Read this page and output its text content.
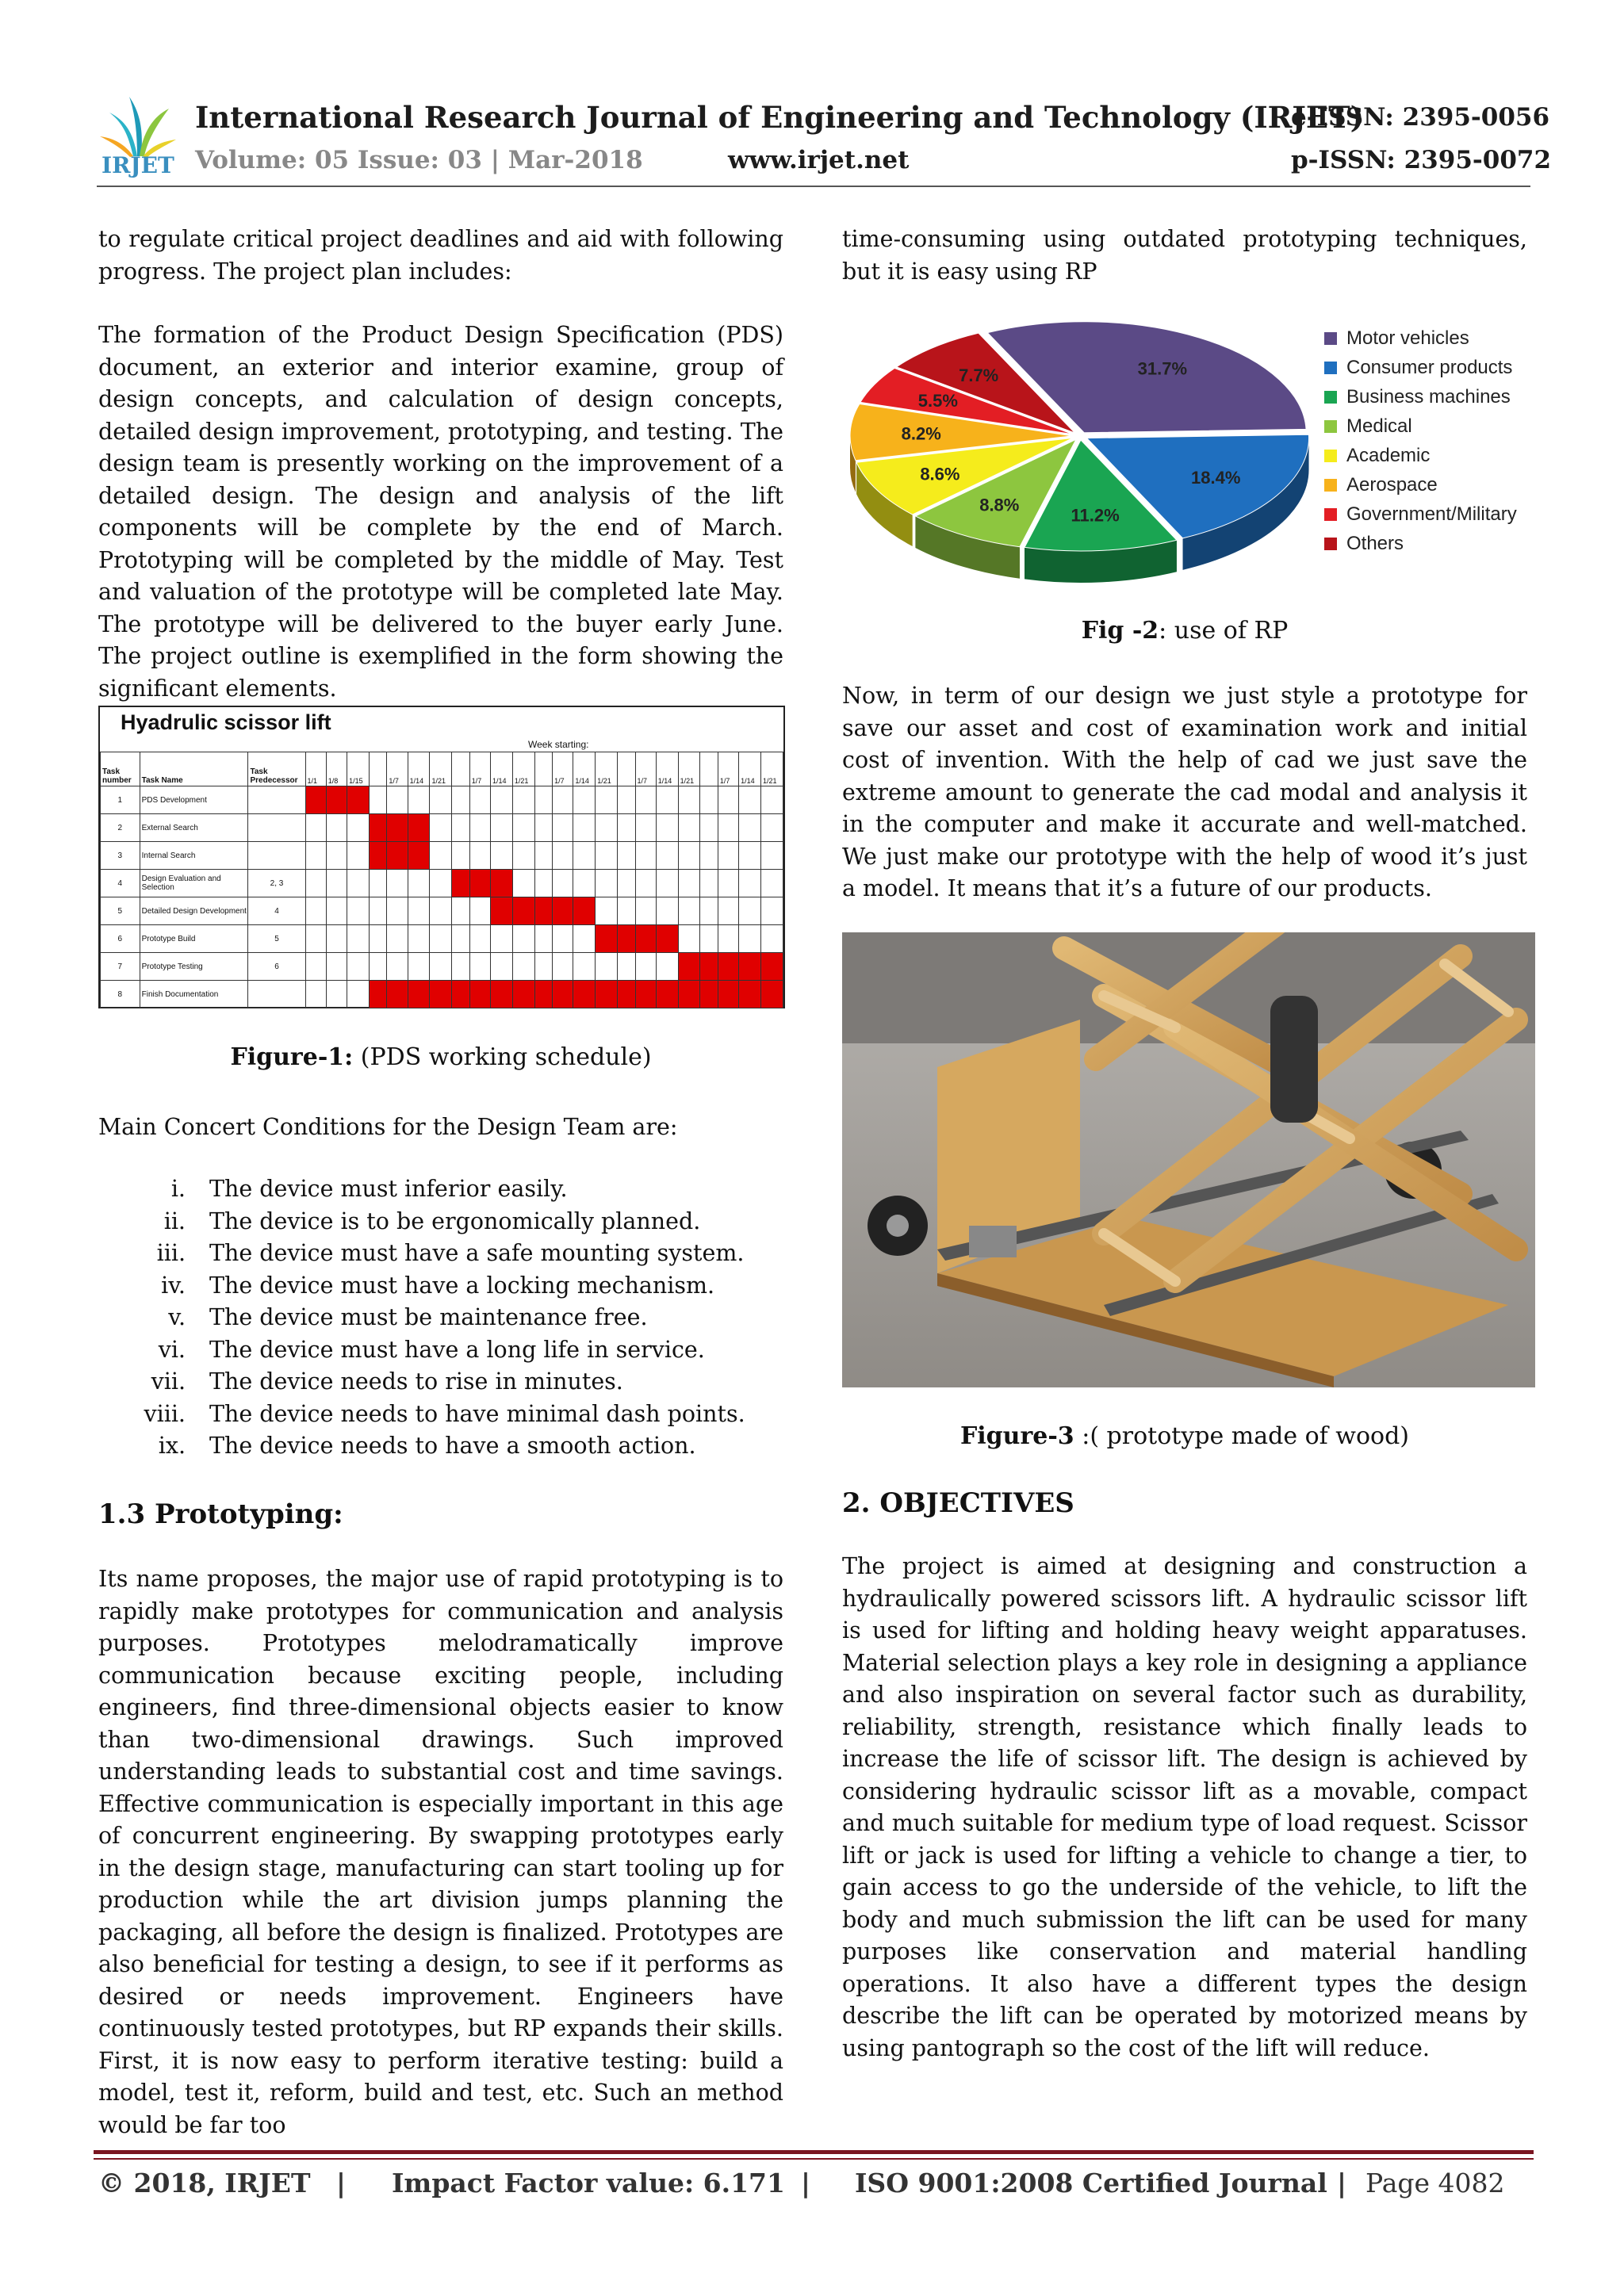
IRJET
International Research Journal of Engineering and Technology (IRJET)
e-ISSN: 2395-0056
Volume: 05 Issue: 03 | Mar-2018	www.irjet.net	p-ISSN: 2395-0072

to regulate critical project deadlines and aid with following progress. The project plan includes:

The formation of the Product Design Specification (PDS) document, an exterior and interior examine, group of design concepts, and calculation of design concepts, detailed design improvement, prototyping, and testing. The design team is presently working on the improvement of a detailed design. The design and analysis of the lift components will be complete by the end of March. Prototyping will be completed by the middle of May. Test and valuation of the prototype will be completed late May. The prototype will be delivered to the buyer early June. The project outline is exemplified in the form showing the significant elements.

Hyadrulic scissor lift
Week starting:
Task number	Task Name	Task Predecessor	1/1	1/8	1/15		1/7	1/14	1/21		1/7	1/14	1/21		1/7	1/14	1/21		1/7	1/14	1/21		1/7	1/14	1/21
1	PDS Development																								
2	External Search																								
3	Internal Search																								
4	Design Evaluation and Selection	2, 3																							
5	Detailed Design Development	4																							
6	Prototype Build	5																							
7	Prototype Testing	6																							
8	Finish Documentation																								
Figure-1: (PDS working schedule)
Main Concert Conditions for the Design Team are:
i.	The device must inferior easily.
ii.	The device is to be ergonomically planned.
iii.	The device must have a safe mounting system.
iv.	The device must have a locking mechanism.
v.	The device must be maintenance free.
vi.	The device must have a long life in service.
vii.	The device needs to rise in minutes.
viii.	The device needs to have minimal dash points.
ix.	The device needs to have a smooth action.
1.3 Prototyping:
Its name proposes, the major use of rapid prototyping is to rapidly make prototypes for communication and analysis purposes. Prototypes melodramatically improve communication because exciting people, including engineers, find three-dimensional objects easier to know than two-dimensional drawings. Such improved understanding leads to substantial cost and time savings. Effective communication is especially important in this age of concurrent engineering. By swapping prototypes early in the design stage, manufacturing can start tooling up for production while the art division jumps planning the packaging, all before the design is finalized. Prototypes are also beneficial for testing a design, to see if it performs as desired or needs improvement. Engineers have continuously tested prototypes, but RP expands their skills. First, it is now easy to perform iterative testing: build a model, test it, reform, build and test, etc. Such an method would be far too
time-consuming using outdated prototyping techniques, but it is easy using RP
31.7%
18.4%
11.2%
8.8%
8.6%
8.2%
5.5%
7.7%
Motor vehicles
Consumer products
Business machines
Medical
Academic
Aerospace
Government/Military
Others
Fig -2: use of RP
Now, in term of our design we just style a prototype for save our asset and cost of examination work and initial cost of invention. With the help of cad we just save the extreme amount to generate the cad modal and analysis it in the computer and make it accurate and well-matched. We just make our prototype with the help of wood it’s just a model. It means that it’s a future of our products.
Figure-3 :( prototype made of wood)
2. OBJECTIVES
The project is aimed at designing and construction a hydraulically powered scissors lift. A hydraulic scissor lift is used for lifting and holding heavy weight apparatuses. Material selection plays a key role in designing a appliance and also inspiration on several factor such as durability, reliability, strength, resistance which finally leads to increase the life of scissor lift. The design is achieved by considering hydraulic scissor lift as a movable, compact and much suitable for medium type of load request. Scissor lift or jack is used for lifting a vehicle to change a tier, to gain access to go the underside of the vehicle, to lift the body and much submission the lift can be used for many purposes like conservation and material handling operations. It also have a different types the design describe the lift can be operated by motorized means by using pantograph so the cost of the lift will reduce.
© 2018, IRJET | Impact Factor value: 6.171 | ISO 9001:2008 Certified Journal | Page 4082
